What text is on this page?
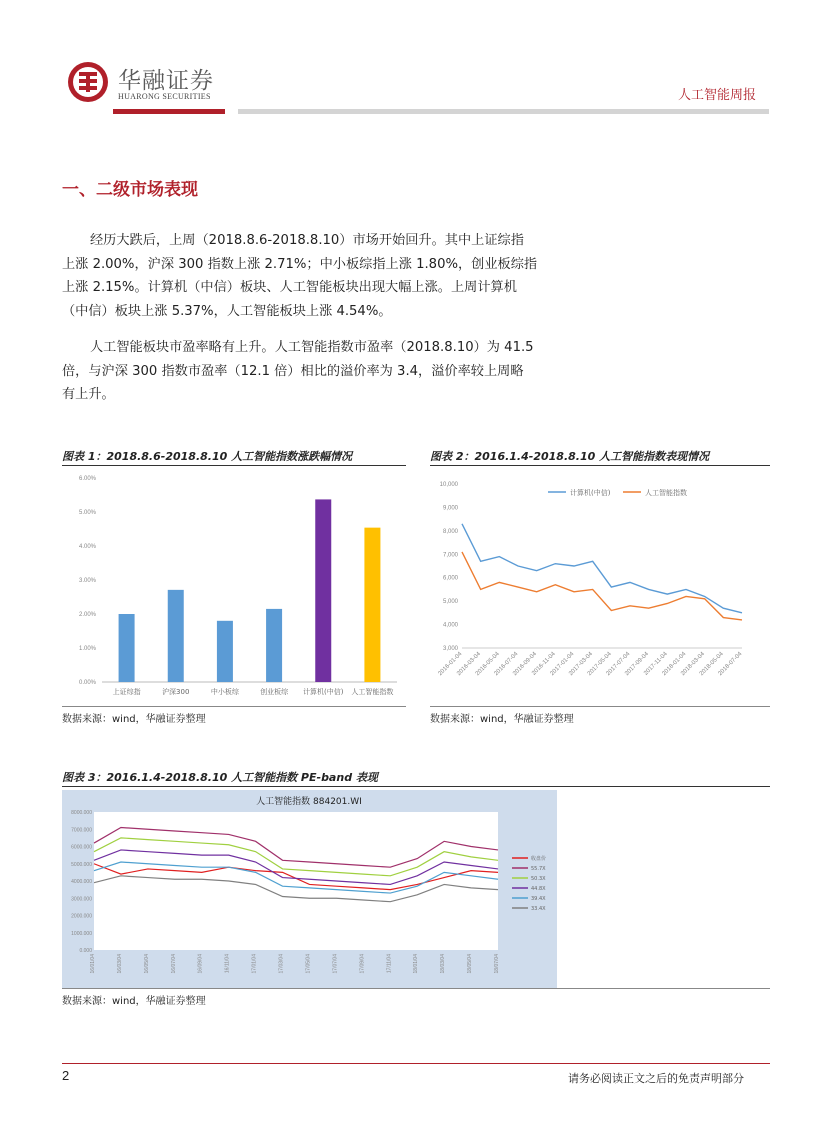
华融证券
HUARONG SECURITIES	人工智能周报
一、二级市场表现
经历大跌后，上周（2018.8.6-2018.8.10）市场开始回升。其中上证综指
上涨 2.00%，沪深 300 指数上涨 2.71%；中小板综指上涨 1.80%，创业板综指
上涨 2.15%。计算机（中信）板块、人工智能板块出现大幅上涨。上周计算机
（中信）板块上涨 5.37%，人工智能板块上涨 4.54%。
人工智能板块市盈率略有上升。人工智能指数市盈率（2018.8.10）为 41.5
倍，与沪深 300 指数市盈率（12.1 倍）相比的溢价率为 3.4，溢价率较上周略
有上升。
图表 1：2018.8.6-2018.8.10 人工智能指数涨跌幅情况
0.00%
1.00%
2.00%
3.00%
4.00%
5.00%
6.00%
上证综指	沪深300	中小板综	创业板综 计算机(中信) 人工智能指数
数据来源：wind，华融证券整理
图表 2：2016.1.4-2018.8.10 人工智能指数表现情况
3,000
4,000
5,000
6,000
7,000
8,000
9,000
10,000
2016-01-04
2016-03-04
2016-05-04
2016-07-04
2016-09-04
2016-11-04
2017-01-04
2017-03-04
2017-05-04
2017-07-04
2017-09-04
2017-11-04
2018-01-04
2018-03-04
2018-05-04
2018-07-04
计算机(中信)	人工智能指数
数据来源：wind，华融证券整理
图表 3：2016.1.4-2018.8.10 人工智能指数 PE-band 表现
人工智能指数 884201.WI
0.000
1000.000
2000.000
3000.000
4000.000
5000.000
6000.000
7000.000
8000.000
16/01/04	16/03/04	16/05/04	16/07/04	16/09/04	16/11/04	17/01/04	17/03/04	17/05/04	17/07/04	17/09/04	17/11/04	18/01/04	18/03/04	18/05/04	18/07/04
收盘价
55.7X
50.3X
44.8X
39.4X
33.4X
数据来源：wind，华融证券整理
2	请务必阅读正文之后的免责声明部分
